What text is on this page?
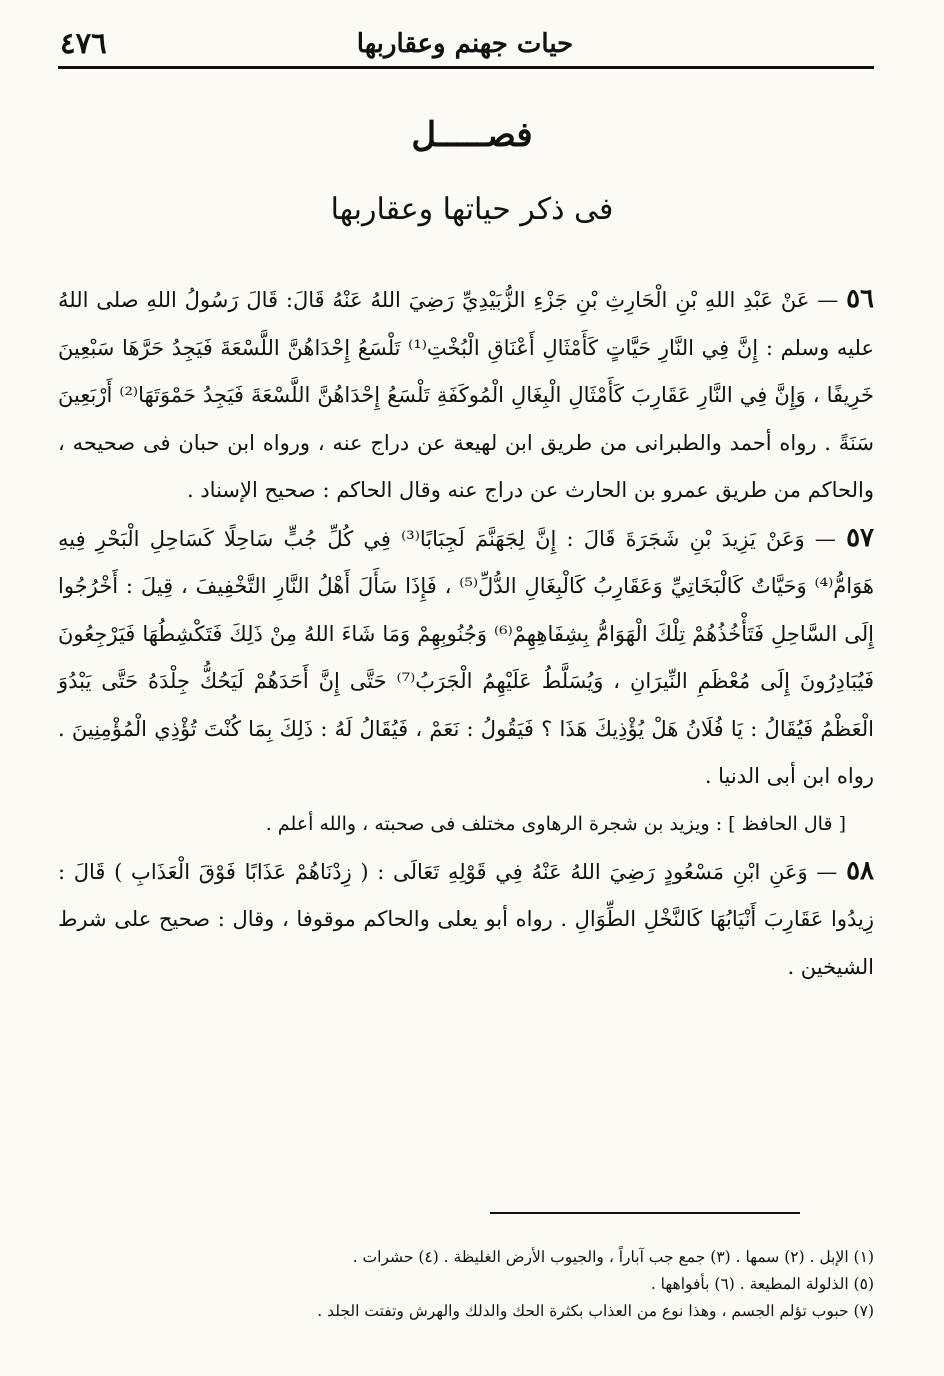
٤٧٦	حيات جهنم وعقاربها
فصـــــل
فى ذكر حياتها وعقاربها

٥٦ — عَنْ عَبْدِ اللهِ بْنِ الْحَارِثِ بْنِ جَزْءِ الزُّبَيْدِيِّ رَضِيَ اللهُ عَنْهُ قَالَ: قَالَ رَسُولُ اللهِ صلى اللهُ عليه وسلم : إِنَّ فِي النَّارِ حَيَّاتٍ كَأَمْثَالِ أَعْنَاقِ الْبُخْتِ⁽¹⁾ تَلْسَعُ إِحْدَاهُنَّ اللَّسْعَةَ فَيَجِدُ حَرَّهَا سَبْعِينَ خَرِيفًا ، وَإِنَّ فِي النَّارِ عَقَارِبَ كَأَمْثَالِ الْبِغَالِ الْمُوكَفَةِ تَلْسَعُ إِحْدَاهُنَّ اللَّسْعَةَ فَيَجِدُ حَمْوَتَهَا⁽²⁾ أَرْبَعِينَ سَنَةً . رواه أحمد والطبرانى من طريق ابن لهيعة عن دراج عنه ، ورواه ابن حبان فى صحيحه ، والحاكم من طريق عمرو بن الحارث عن دراج عنه وقال الحاكم : صحيح الإسناد .

٥٧ — وَعَنْ يَزِيدَ بْنِ شَجَرَةَ قَالَ : إِنَّ لِجَهَنَّمَ لَجِبَابًا⁽³⁾ فِي كُلِّ جُبٍّ سَاحِلًا كَسَاحِلِ الْبَحْرِ فِيهِ هَوَامُّ⁽⁴⁾ وَحَيَّاتٌ كَالْبَخَاتِيِّ وَعَقَارِبُ كَالْبِغَالِ الدُّلِّ⁽⁵⁾ ، فَإِذَا سَأَلَ أَهْلُ النَّارِ التَّخْفِيفَ ، قِيلَ : أَخْرُجُوا إِلَى السَّاحِلِ فَتَأْخُذُهُمْ تِلْكَ الْهَوَامُّ بِشِفَاهِهِمْ⁽⁶⁾ وَجُنُوبِهِمْ وَمَا شَاءَ اللهُ مِنْ ذَلِكَ فَتَكْشِطُهَا فَيَرْجِعُونَ فَيُبَادِرُونَ إِلَى مُعْظَمِ النِّيرَانِ ، وَيُسَلَّطُ عَلَيْهِمُ الْجَرَبُ⁽⁷⁾ حَتَّى إِنَّ أَحَدَهُمْ لَيَحُكُّ جِلْدَهُ حَتَّى يَبْدُوَ الْعَظْمُ فَيُقَالُ : يَا فُلَانُ هَلْ يُؤْذِيكَ هَذَا ؟ فَيَقُولُ : نَعَمْ ، فَيُقَالُ لَهُ : ذَلِكَ بِمَا كُنْتَ تُؤْذِي الْمُؤْمِنِينَ . رواه ابن أبى الدنيا .

[ قال الحافظ ] : ويزيد بن شجرة الرهاوى مختلف فى صحبته ، والله أعلم .

٥٨ — وَعَنِ ابْنِ مَسْعُودٍ رَضِيَ اللهُ عَنْهُ فِي قَوْلِهِ تَعَالَى : ( زِدْنَاهُمْ عَذَابًا فَوْقَ الْعَذَابِ ) قَالَ : زِيدُوا عَقَارِبَ أَنْيَابُهَا كَالنَّخْلِ الطِّوَالِ . رواه أبو يعلى والحاكم موقوفا ، وقال : صحيح على شرط الشيخين .

(١) الإبل . (٢) سمها . (٣) جمع جب آباراً ، والجيوب الأرض الغليظة . (٤) حشرات .
(٥) الذلولة المطيعة . (٦) بأفواهها .
(٧) حبوب تؤلم الجسم ، وهذا نوع من العذاب بكثرة الحك والدلك والهرش وتفتت الجلد .
